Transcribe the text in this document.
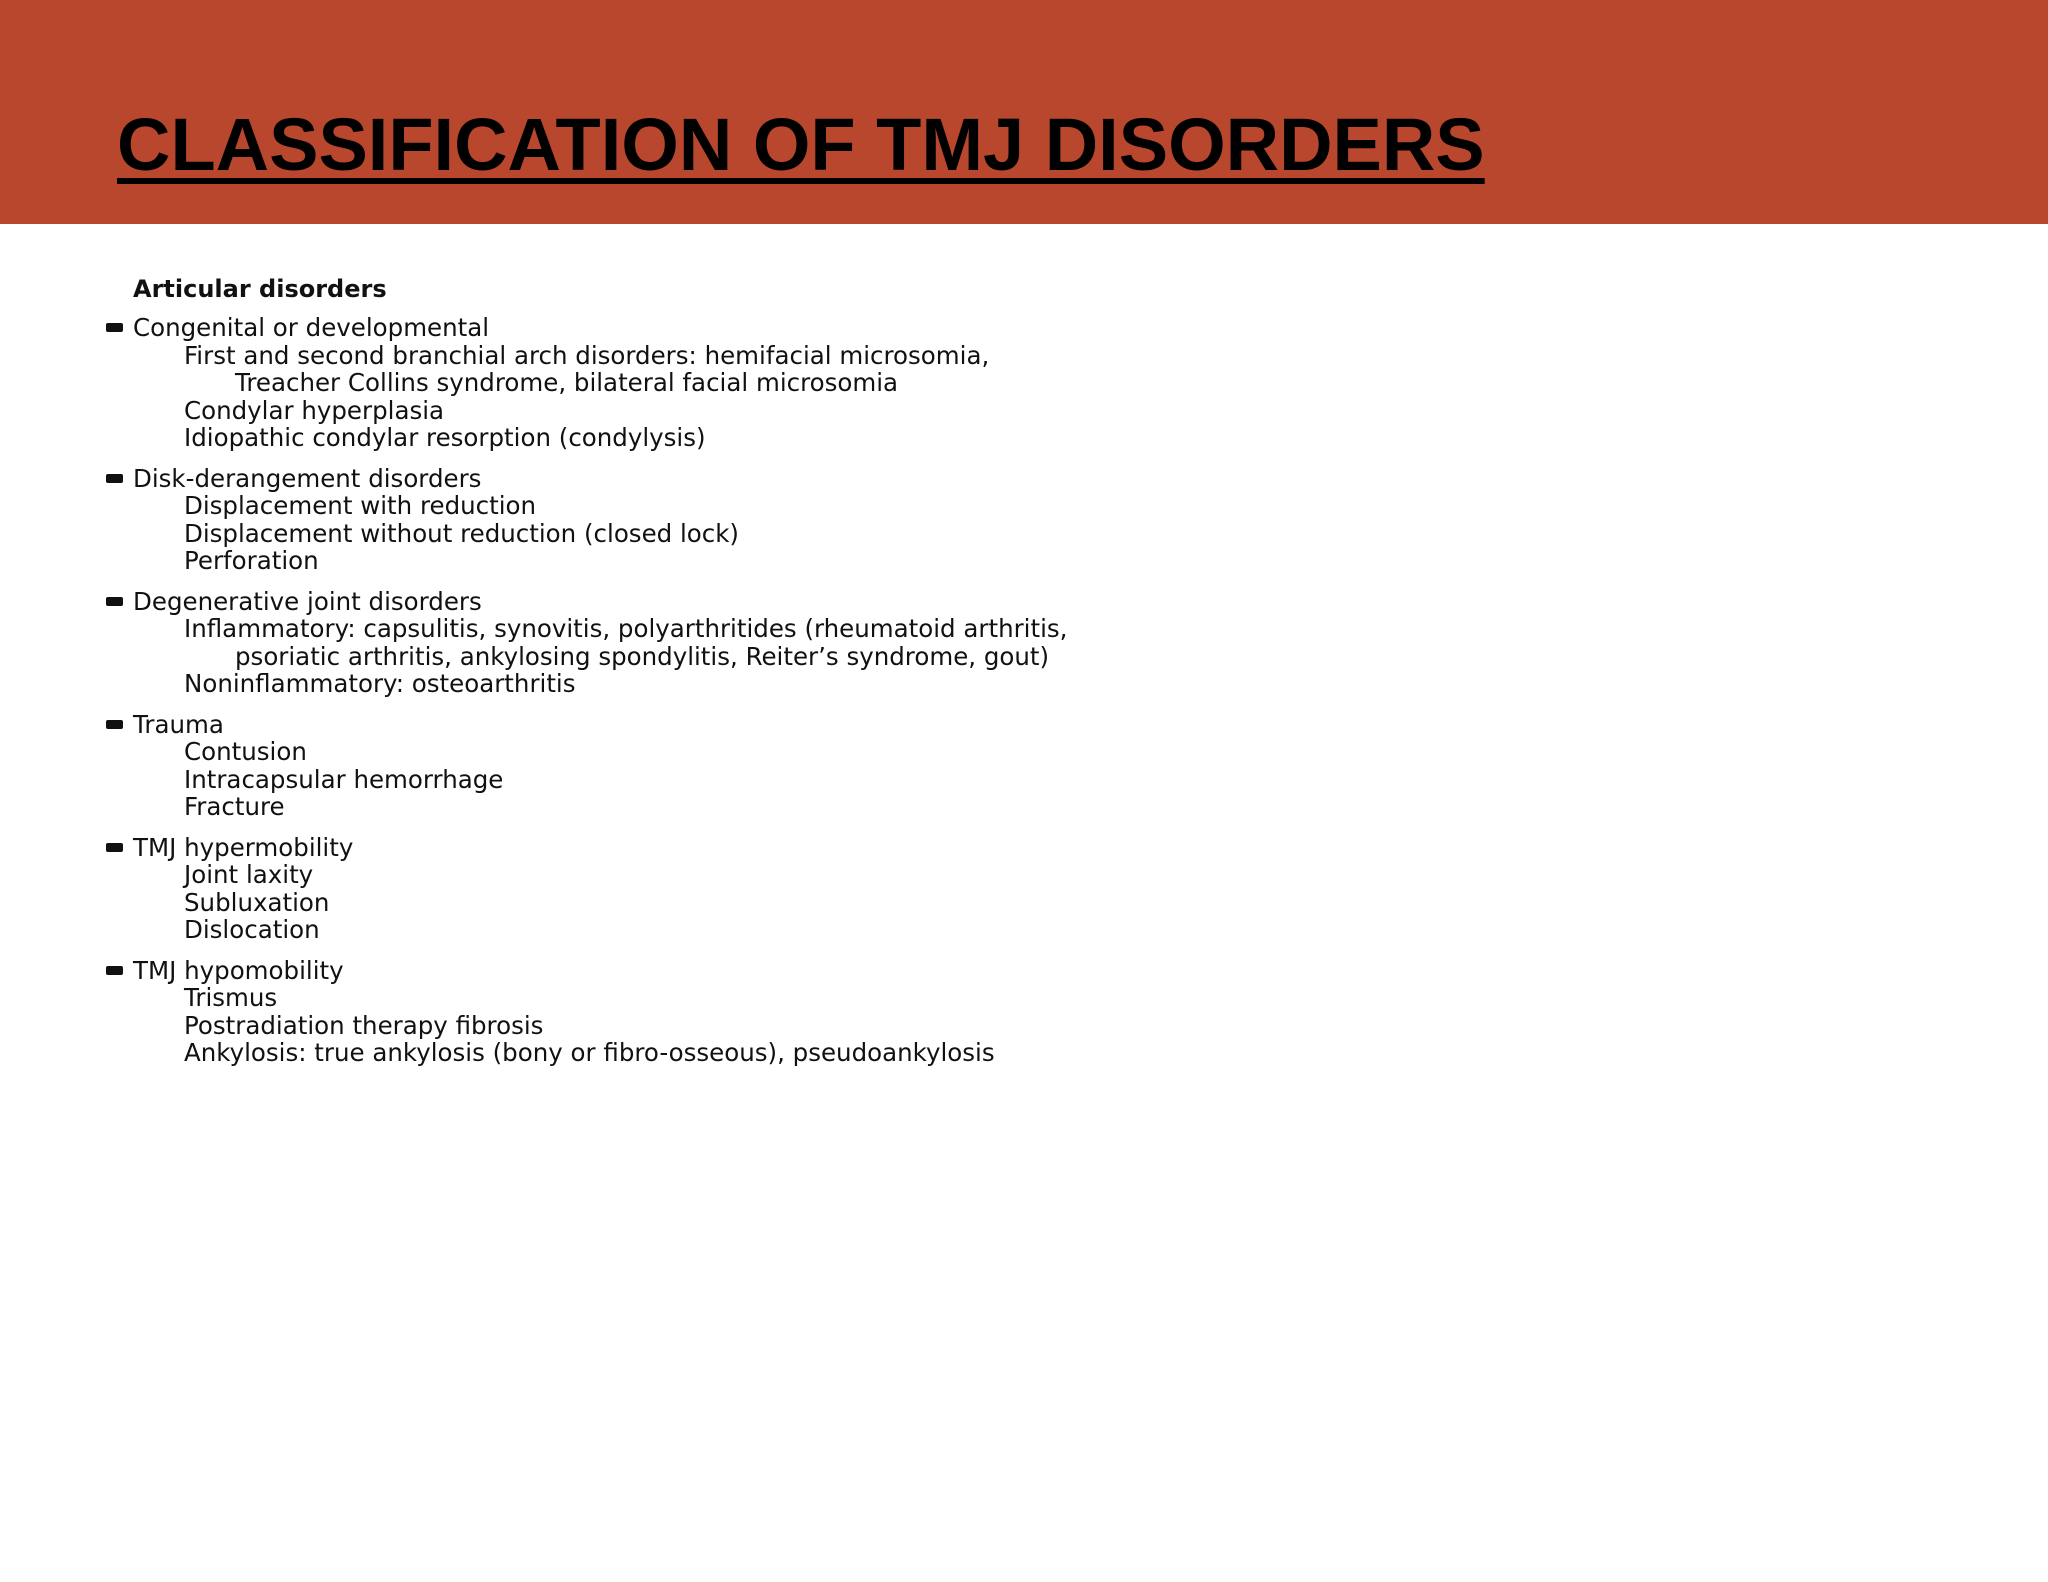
CLASSIFICATION OF TMJ DISORDERS
Articular disorders
Congenital or developmental
First and second branchial arch disorders: hemifacial microsomia,
Treacher Collins syndrome, bilateral facial microsomia
Condylar hyperplasia
Idiopathic condylar resorption (condylysis)
Disk-derangement disorders
Displacement with reduction
Displacement without reduction (closed lock)
Perforation
Degenerative joint disorders
Inflammatory: capsulitis, synovitis, polyarthritides (rheumatoid arthritis,
psoriatic arthritis, ankylosing spondylitis, Reiter’s syndrome, gout)
Noninflammatory: osteoarthritis
Trauma
Contusion
Intracapsular hemorrhage
Fracture
TMJ hypermobility
Joint laxity
Subluxation
Dislocation
TMJ hypomobility
Trismus
Postradiation therapy fibrosis
Ankylosis: true ankylosis (bony or fibro-osseous), pseudoankylosis
